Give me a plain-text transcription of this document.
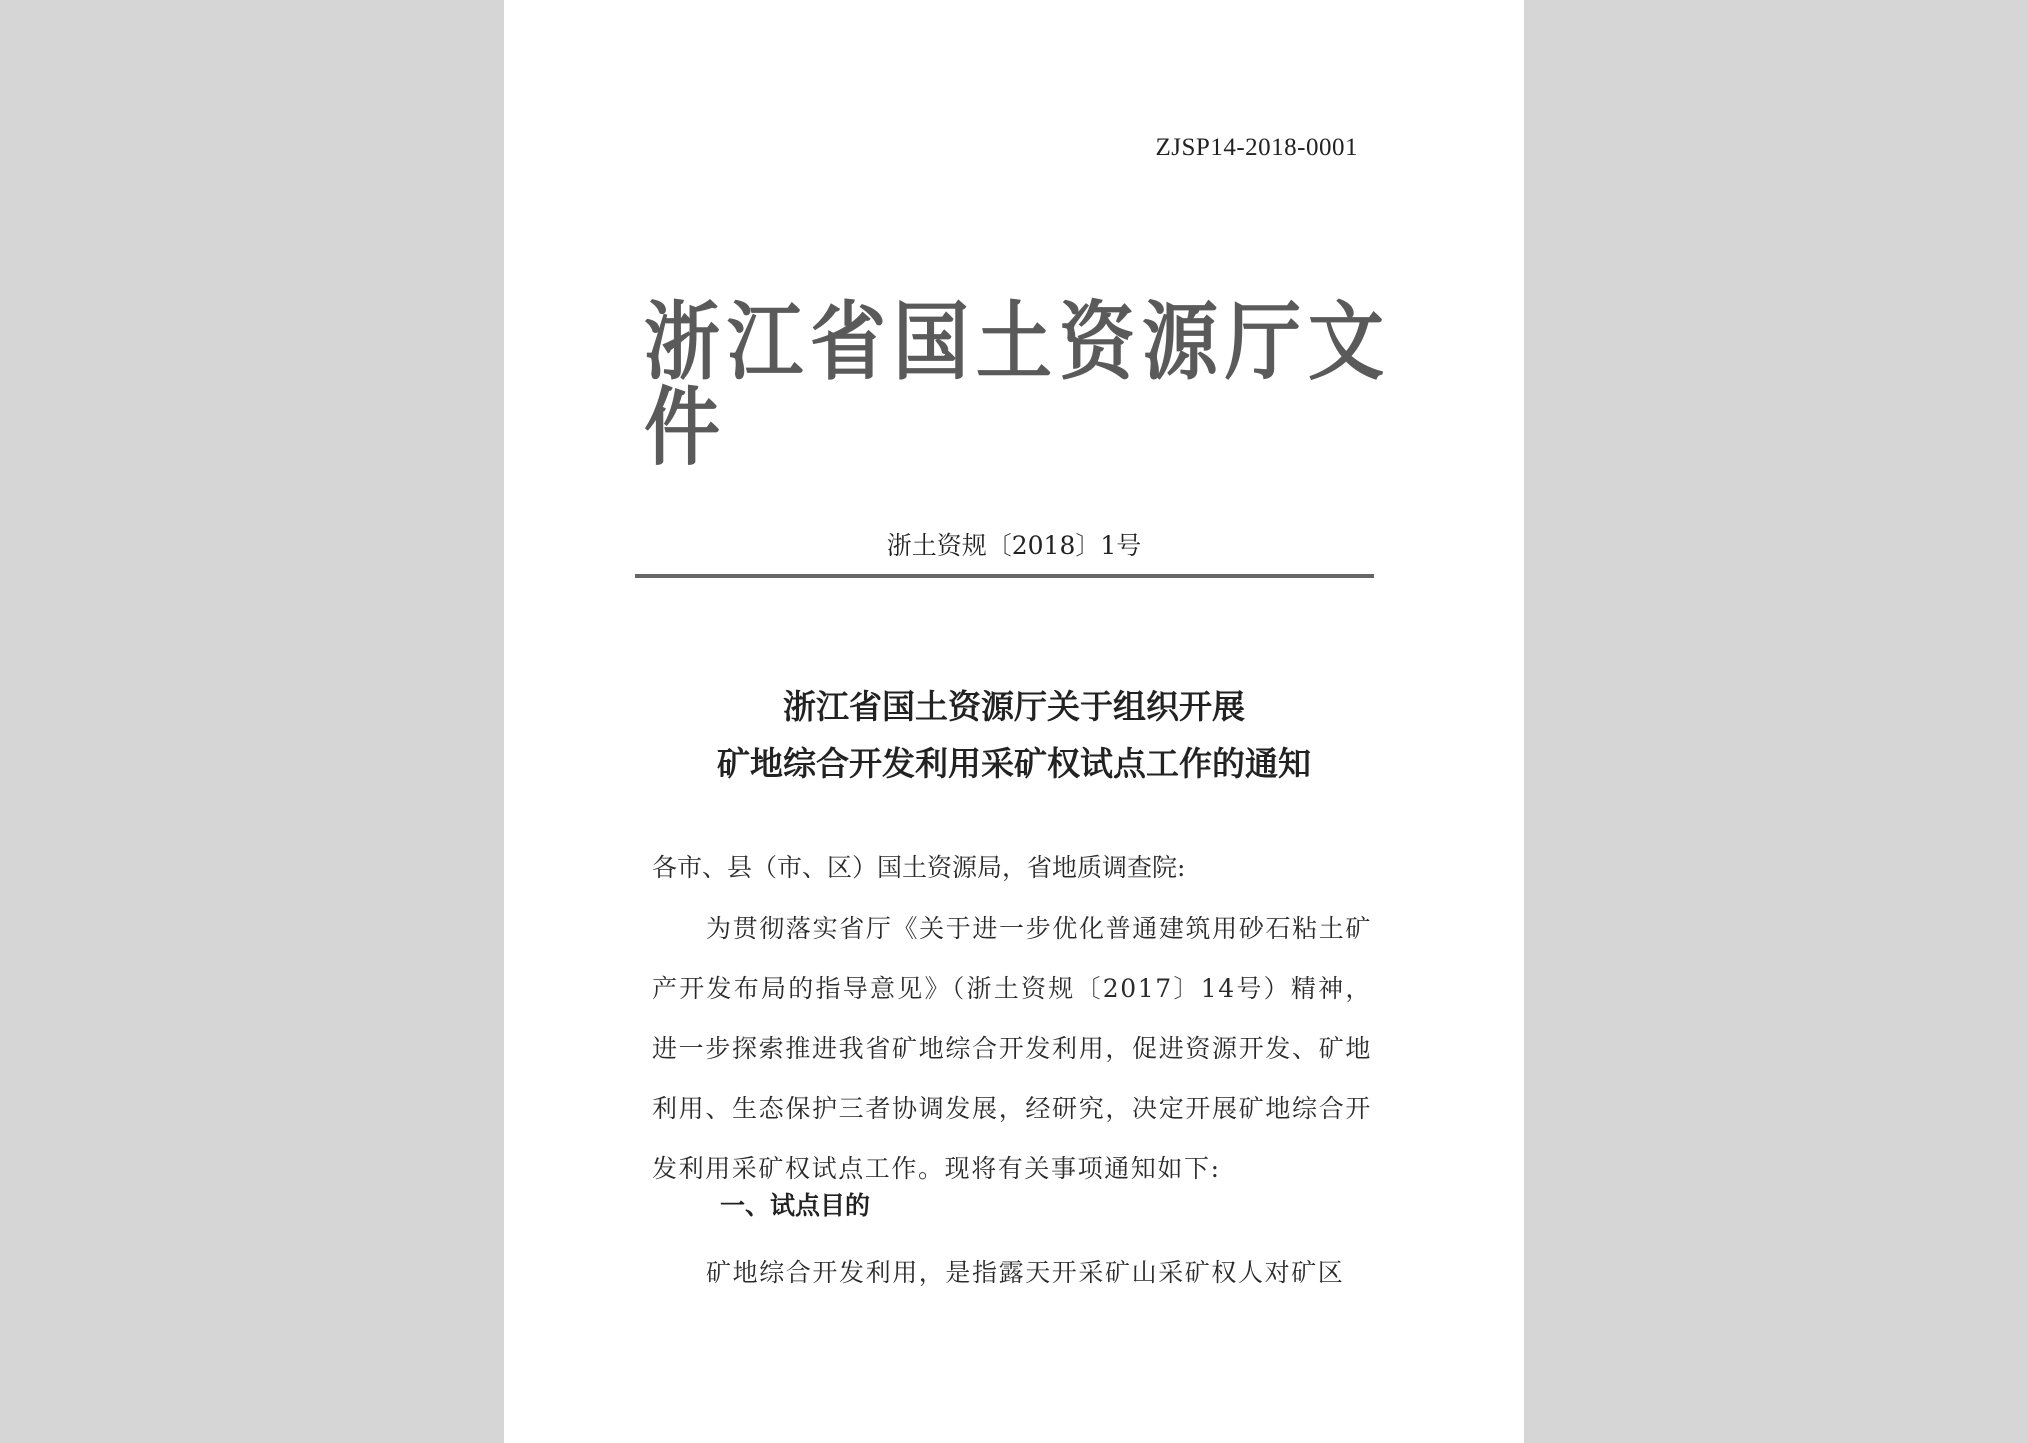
ZJSP14-2018-0001
浙江省国土资源厅文件
浙土资规〔2018〕1号
浙江省国土资源厅关于组织开展
矿地综合开发利用采矿权试点工作的通知
各市、县（市、区）国土资源局，省地质调查院:
为贯彻落实省厅《关于进一步优化普通建筑用砂石粘土矿产开发布局的指导意见》（浙土资规〔2017〕14号）精神，进一步探索推进我省矿地综合开发利用，促进资源开发、矿地利用、生态保护三者协调发展，经研究，决定开展矿地综合开发利用采矿权试点工作。现将有关事项通知如下:
一、试点目的
矿地综合开发利用，是指露天开采矿山采矿权人对矿区
